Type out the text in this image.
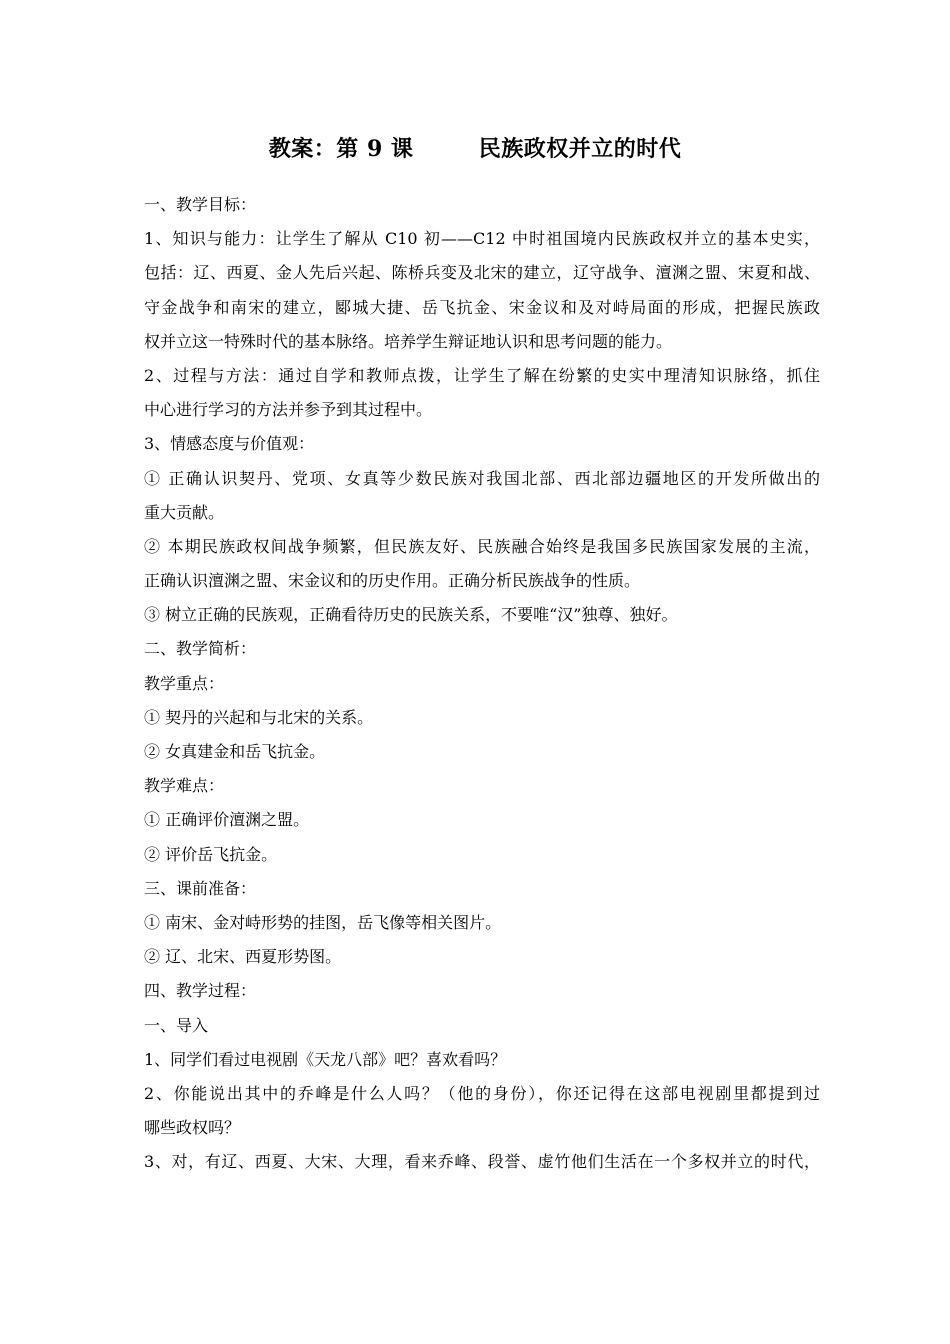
教案：第 9 课        民族政权并立的时代
一、教学目标：
1、知识与能力：让学生了解从 C10 初——C12 中时祖国境内民族政权并立的基本史实，
包括：辽、西夏、金人先后兴起、陈桥兵变及北宋的建立，辽守战争、澶渊之盟、宋夏和战、
守金战争和南宋的建立，郾城大捷、岳飞抗金、宋金议和及对峙局面的形成，把握民族政
权并立这一特殊时代的基本脉络。培养学生辩证地认识和思考问题的能力。
2、过程与方法：通过自学和教师点拨，让学生了解在纷繁的史实中理清知识脉络，抓住
中心进行学习的方法并参予到其过程中。
3、情感态度与价值观：
① 正确认识契丹、党项、女真等少数民族对我国北部、西北部边疆地区的开发所做出的
重大贡献。
② 本期民族政权间战争频繁，但民族友好、民族融合始终是我国多民族国家发展的主流，
正确认识澶渊之盟、宋金议和的历史作用。正确分析民族战争的性质。
③ 树立正确的民族观，正确看待历史的民族关系，不要唯“汉”独尊、独好。
二、教学简析：
教学重点：
① 契丹的兴起和与北宋的关系。
② 女真建金和岳飞抗金。
教学难点：
① 正确评价澶渊之盟。
② 评价岳飞抗金。
三、课前准备：
① 南宋、金对峙形势的挂图，岳飞像等相关图片。
② 辽、北宋、西夏形势图。
四、教学过程：
一、导入
1、同学们看过电视剧《天龙八部》吧？喜欢看吗？
2、你能说出其中的乔峰是什么人吗？（他的身份），你还记得在这部电视剧里都提到过
哪些政权吗？
3、对，有辽、西夏、大宋、大理，看来乔峰、段誉、虚竹他们生活在一个多权并立的时代，
